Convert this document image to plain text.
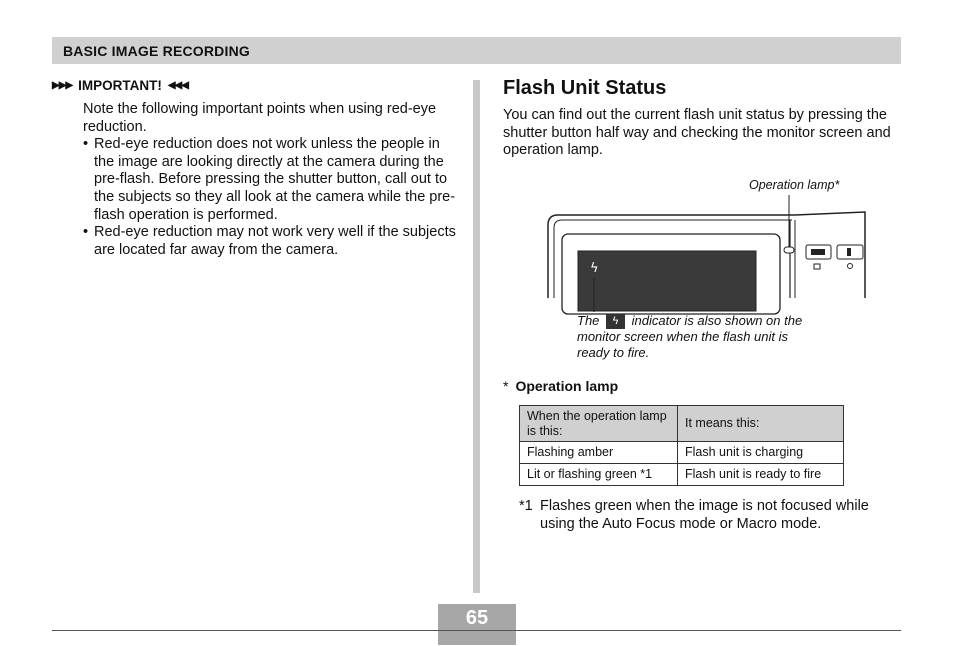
BASIC IMAGE RECORDING
▶▶▶ IMPORTANT! ◀◀◀

Note the following important points when using red-eye reduction.

• Red-eye reduction does not work unless the people in the image are looking directly at the camera during the pre-flash. Before pressing the shutter button, call out to the subjects so they all look at the camera while the pre-flash operation is performed.
• Red-eye reduction may not work very well if the subjects are located far away from the camera.
Flash Unit Status

You can find out the current flash unit status by pressing the shutter button half way and checking the monitor screen and operation lamp.

Operation lamp*
ϟ
The ϟ indicator is also shown on the monitor screen when the flash unit is ready to fire.
* Operation lamp
When the operation lamp is this:	It means this:
Flashing amber	Flash unit is charging
Lit or flashing green *1	Flash unit is ready to fire
*1 Flashes green when the image is not focused while using the Auto Focus mode or Macro mode.
65
